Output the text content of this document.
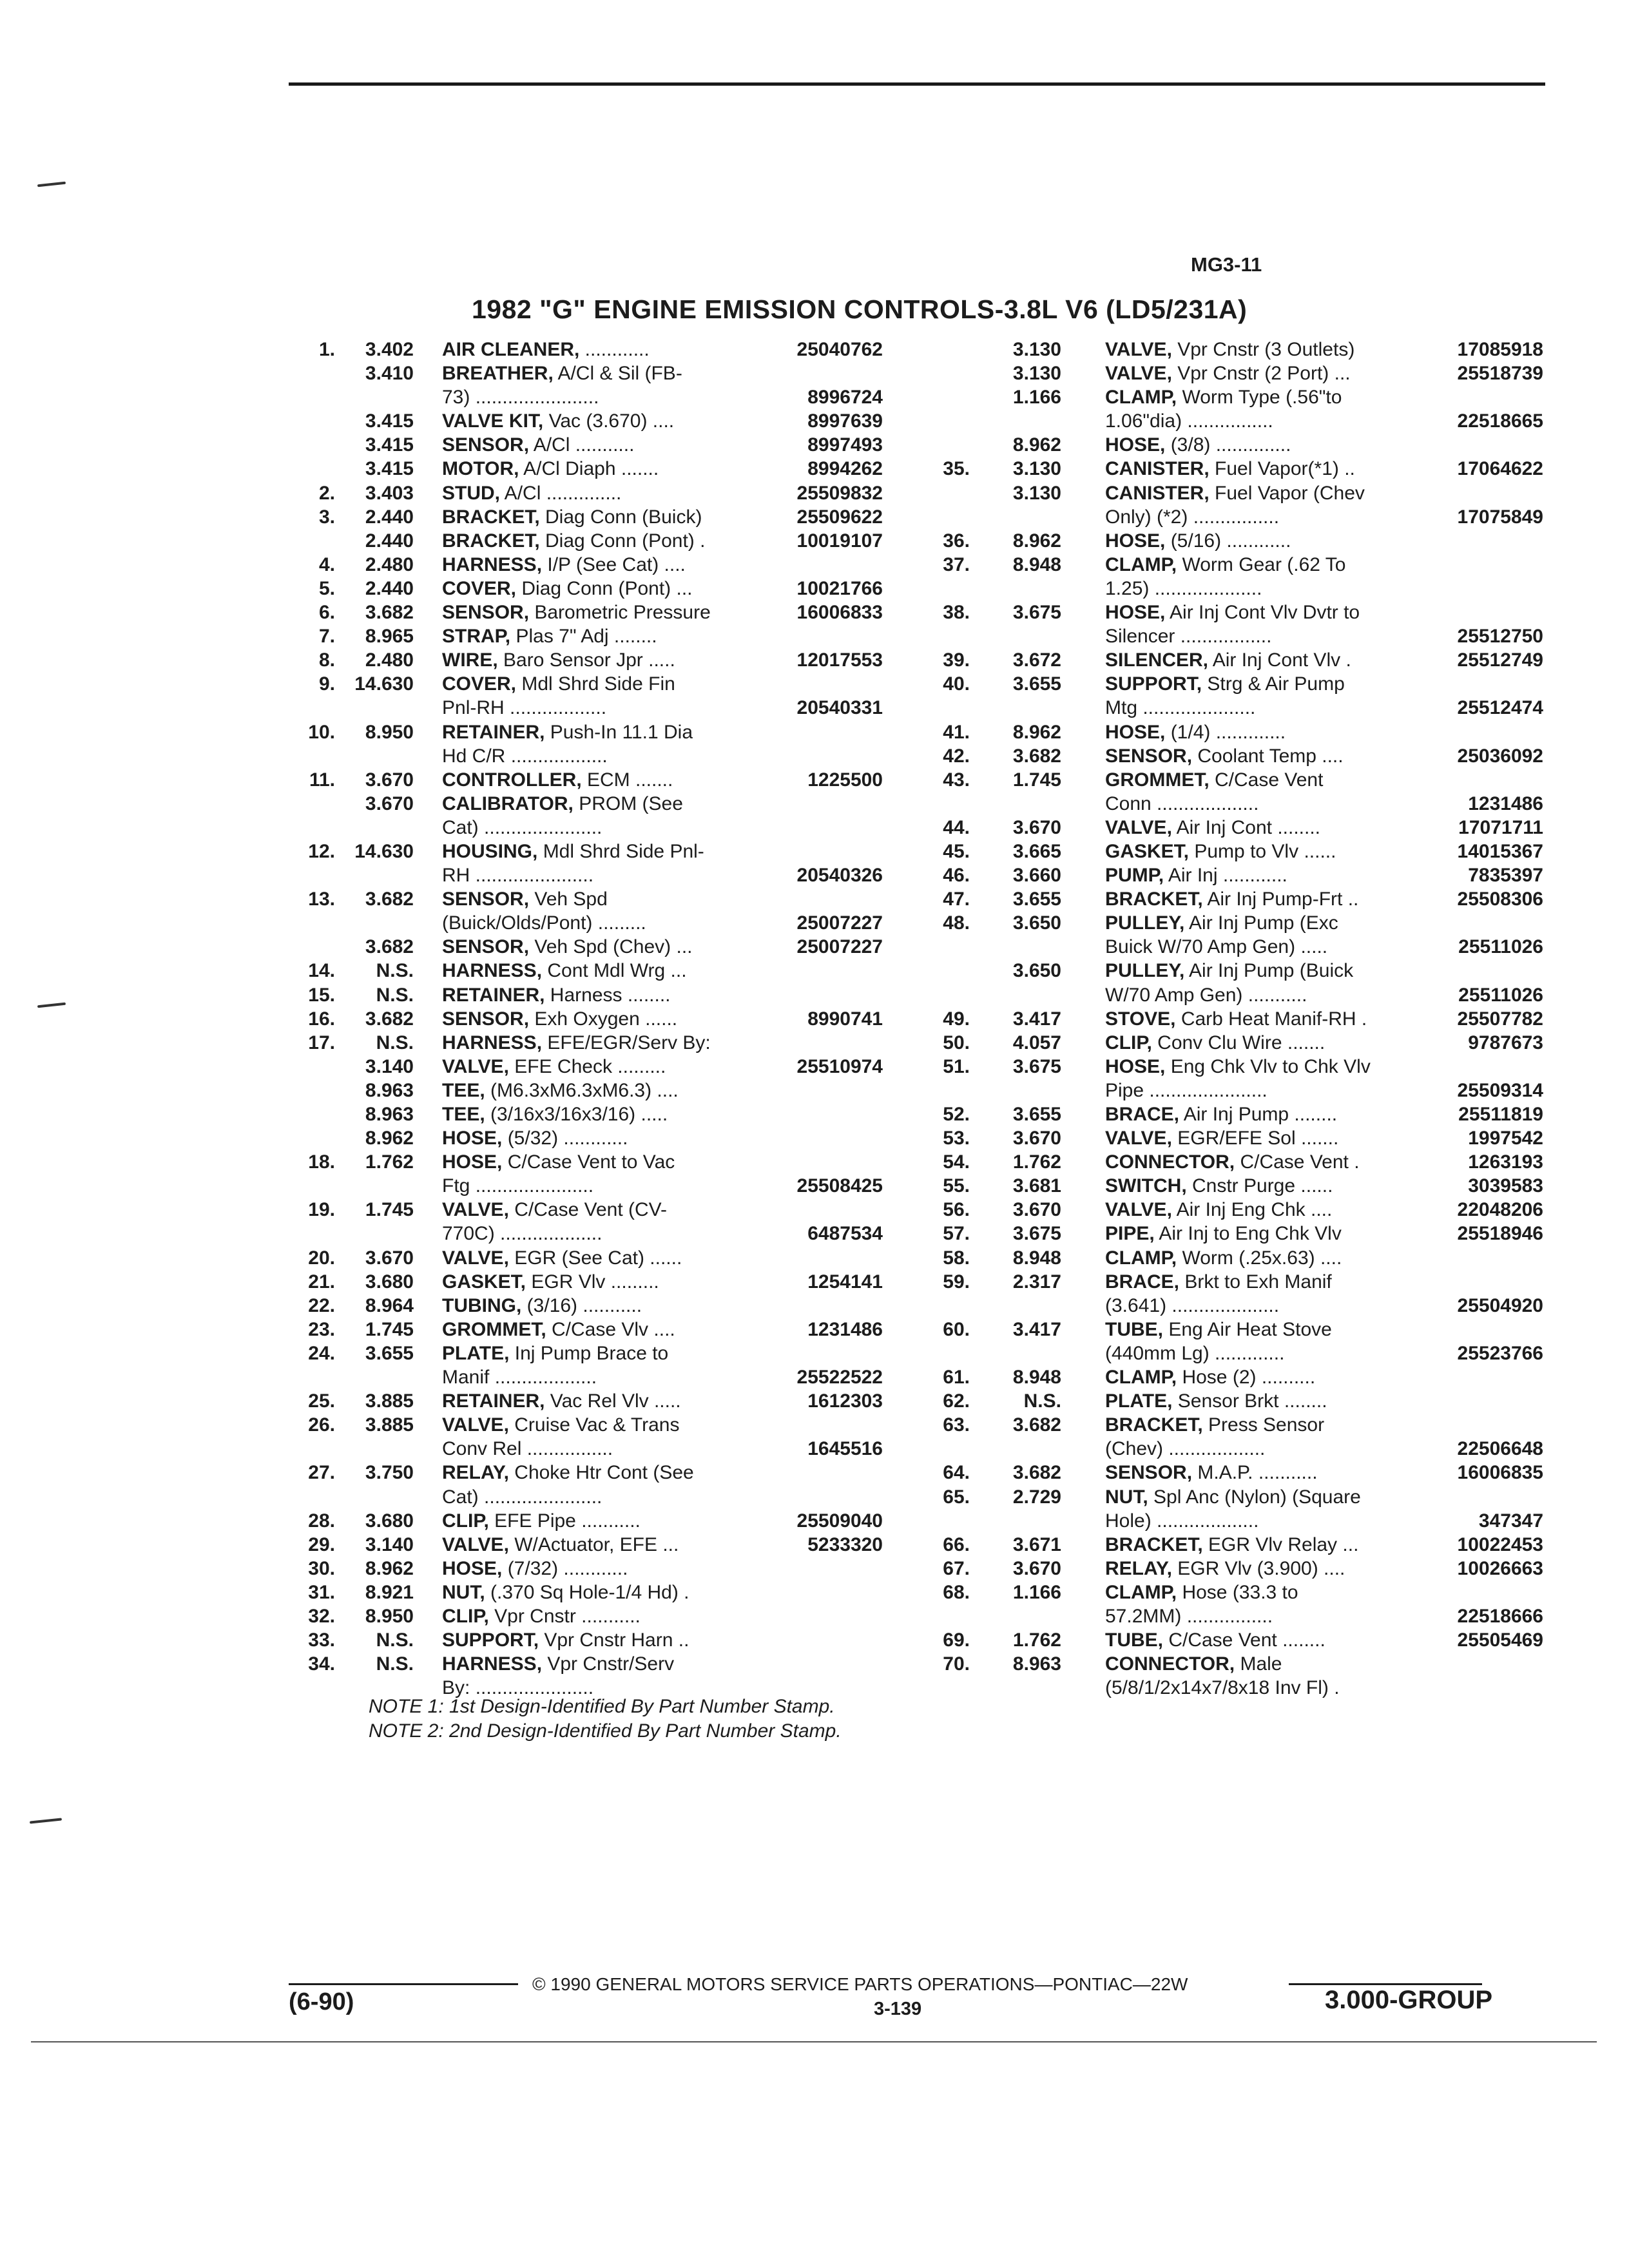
MG3-11
1982 "G" ENGINE EMISSION CONTROLS-3.8L V6 (LD5/231A)
1.	3.402 AIR CLEANER, ............	25040762
3.410 BREATHER, A/Cl & Sil (FB-
73) .......................	8996724
3.415 VALVE KIT, Vac (3.670) ....	8997639
3.415 SENSOR, A/Cl ...........	8997493
3.415 MOTOR, A/Cl Diaph .......	8994262
2.	3.403 STUD, A/Cl ..............	25509832
3.	2.440 BRACKET, Diag Conn (Buick)	25509622
2.440 BRACKET, Diag Conn (Pont) .	10019107
4.	2.480 HARNESS, I/P (See Cat) ....
5.	2.440 COVER, Diag Conn (Pont) ...	10021766
6.	3.682 SENSOR, Barometric Pressure	16006833
7.	8.965 STRAP, Plas 7" Adj ........
8.	2.480 WIRE, Baro Sensor Jpr .....	12017553
9.	14.630 COVER, Mdl Shrd Side Fin
Pnl-RH ..................	20540331
10.	8.950 RETAINER, Push-In 11.1 Dia
Hd C/R ..................
11.	3.670 CONTROLLER, ECM .......	1225500
3.670 CALIBRATOR, PROM (See
Cat) ......................
12.	14.630 HOUSING, Mdl Shrd Side Pnl-
RH ......................	20540326
13.	3.682 SENSOR, Veh Spd
(Buick/Olds/Pont) .........	25007227
3.682 SENSOR, Veh Spd (Chev) ...	25007227
14.	N.S. HARNESS, Cont Mdl Wrg ...
15.	N.S. RETAINER, Harness ........
16.	3.682 SENSOR, Exh Oxygen ......	8990741
17.	N.S. HARNESS, EFE/EGR/Serv By:
3.140 VALVE, EFE Check .........	25510974
8.963 TEE, (M6.3xM6.3xM6.3) ....
8.963 TEE, (3/16x3/16x3/16) .....
8.962 HOSE, (5/32) ............
18.	1.762 HOSE, C/Case Vent to Vac
Ftg ......................	25508425
19.	1.745 VALVE, C/Case Vent (CV-
770C) ...................	6487534
20.	3.670 VALVE, EGR (See Cat) ......
21.	3.680 GASKET, EGR Vlv .........	1254141
22.	8.964 TUBING, (3/16) ...........
23.	1.745 GROMMET, C/Case Vlv ....	1231486
24.	3.655 PLATE, Inj Pump Brace to
Manif ...................	25522522
25.	3.885 RETAINER, Vac Rel Vlv .....	1612303
26.	3.885 VALVE, Cruise Vac & Trans
Conv Rel ................	1645516
27.	3.750 RELAY, Choke Htr Cont (See
Cat) ......................
28.	3.680 CLIP, EFE Pipe ...........	25509040
29.	3.140 VALVE, W/Actuator, EFE ...	5233320
30.	8.962 HOSE, (7/32) ............
31.	8.921 NUT, (.370 Sq Hole-1/4 Hd) .
32.	8.950 CLIP, Vpr Cnstr ...........
33.	N.S. SUPPORT, Vpr Cnstr Harn ..
34.	N.S. HARNESS, Vpr Cnstr/Serv
By: ......................
3.130 VALVE, Vpr Cnstr (3 Outlets)	17085918
3.130 VALVE, Vpr Cnstr (2 Port) ...	25518739
1.166 CLAMP, Worm Type (.56"to
1.06"dia) ................	22518665
8.962 HOSE, (3/8) ..............
35.	3.130 CANISTER, Fuel Vapor(*1) ..	17064622
3.130 CANISTER, Fuel Vapor (Chev
Only) (*2) ................	17075849
36.	8.962 HOSE, (5/16) ............
37.	8.948 CLAMP, Worm Gear (.62 To
1.25) ....................
38.	3.675 HOSE, Air Inj Cont Vlv Dvtr to
Silencer .................	25512750
39.	3.672 SILENCER, Air Inj Cont Vlv .	25512749
40.	3.655 SUPPORT, Strg & Air Pump
Mtg .....................	25512474
41.	8.962 HOSE, (1/4) .............
42.	3.682 SENSOR, Coolant Temp ....	25036092
43.	1.745 GROMMET, C/Case Vent
Conn ...................	1231486
44.	3.670 VALVE, Air Inj Cont ........	17071711
45.	3.665 GASKET, Pump to Vlv ......	14015367
46.	3.660 PUMP, Air Inj ............	7835397
47.	3.655 BRACKET, Air Inj Pump-Frt ..	25508306
48.	3.650 PULLEY, Air Inj Pump (Exc
Buick W/70 Amp Gen) .....	25511026
3.650 PULLEY, Air Inj Pump (Buick
W/70 Amp Gen) ...........	25511026
49.	3.417 STOVE, Carb Heat Manif-RH .	25507782
50.	4.057 CLIP, Conv Clu Wire .......	9787673
51.	3.675 HOSE, Eng Chk Vlv to Chk Vlv
Pipe ......................	25509314
52.	3.655 BRACE, Air Inj Pump ........	25511819
53.	3.670 VALVE, EGR/EFE Sol .......	1997542
54.	1.762 CONNECTOR, C/Case Vent .	1263193
55.	3.681 SWITCH, Cnstr Purge ......	3039583
56.	3.670 VALVE, Air Inj Eng Chk ....	22048206
57.	3.675 PIPE, Air Inj to Eng Chk Vlv	25518946
58.	8.948 CLAMP, Worm (.25x.63) ....
59.	2.317 BRACE, Brkt to Exh Manif
(3.641) ....................	25504920
60.	3.417 TUBE, Eng Air Heat Stove
(440mm Lg) .............	25523766
61.	8.948 CLAMP, Hose (2) ..........
62.	N.S. PLATE, Sensor Brkt ........
63.	3.682 BRACKET, Press Sensor
(Chev) ..................	22506648
64.	3.682 SENSOR, M.A.P. ...........	16006835
65.	2.729 NUT, Spl Anc (Nylon) (Square
Hole) ...................	347347
66.	3.671 BRACKET, EGR Vlv Relay ...	10022453
67.	3.670 RELAY, EGR Vlv (3.900) ....	10026663
68.	1.166 CLAMP, Hose (33.3 to
57.2MM) ................	22518666
69.	1.762 TUBE, C/Case Vent ........	25505469
70.	8.963 CONNECTOR, Male
(5/8/1/2x14x7/8x18 Inv Fl) .
NOTE 1: 1st Design-Identified By Part Number Stamp.
NOTE 2: 2nd Design-Identified By Part Number Stamp.
© 1990 GENERAL MOTORS SERVICE PARTS OPERATIONS—PONTIAC—22W
(6-90)	3-139	3.000-GROUP
